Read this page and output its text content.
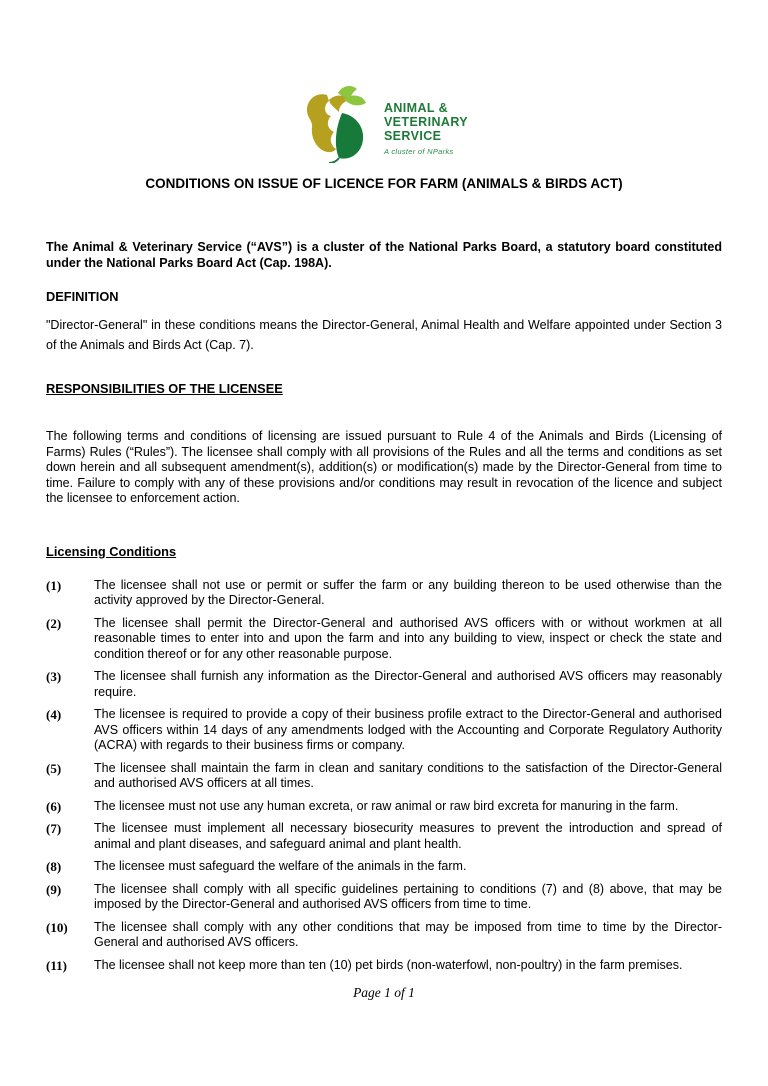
ANIMAL &
VETERINARY
SERVICE
A cluster of NParks
CONDITIONS ON ISSUE OF LICENCE FOR FARM (ANIMALS & BIRDS ACT)

The Animal & Veterinary Service (“AVS”) is a cluster of the National Parks Board, a statutory board constituted under the National Parks Board Act (Cap. 198A).

DEFINITION

"Director-General" in these conditions means the Director-General, Animal Health and Welfare appointed under Section 3 of the Animals and Birds Act (Cap. 7).

RESPONSIBILITIES OF THE LICENSEE

The following terms and conditions of licensing are issued pursuant to Rule 4 of the Animals and Birds (Licensing of Farms) Rules (“Rules”). The licensee shall comply with all provisions of the Rules and all the terms and conditions as set down herein and all subsequent amendment(s), addition(s) or modification(s) made by the Director-General from time to time. Failure to comply with any of these provisions and/or conditions may result in revocation of the licence and subject the licensee to enforcement action.

Licensing Conditions
(1)	The licensee shall not use or permit or suffer the farm or any building thereon to be used otherwise than the activity approved by the Director-General.
(2)	The licensee shall permit the Director-General and authorised AVS officers with or without workmen at all reasonable times to enter into and upon the farm and into any building to view, inspect or check the state and condition thereof or for any other reasonable purpose.
(3)	The licensee shall furnish any information as the Director-General and authorised AVS officers may reasonably require.
(4)	The licensee is required to provide a copy of their business profile extract to the Director-General and authorised AVS officers within 14 days of any amendments lodged with the Accounting and Corporate Regulatory Authority (ACRA) with regards to their business firms or company.
(5)	The licensee shall maintain the farm in clean and sanitary conditions to the satisfaction of the Director-General and authorised AVS officers at all times.
(6)	The licensee must not use any human excreta, or raw animal or raw bird excreta for manuring in the farm.
(7)	The licensee must implement all necessary biosecurity measures to prevent the introduction and spread of animal and plant diseases, and safeguard animal and plant health.
(8)	The licensee must safeguard the welfare of the animals in the farm.
(9)	The licensee shall comply with all specific guidelines pertaining to conditions (7) and (8) above, that may be imposed by the Director-General and authorised AVS officers from time to time.
(10)	The licensee shall comply with any other conditions that may be imposed from time to time by the Director-General and authorised AVS officers.
(11)	The licensee shall not keep more than ten (10) pet birds (non-waterfowl, non-poultry) in the farm premises.
Page 1 of 1
